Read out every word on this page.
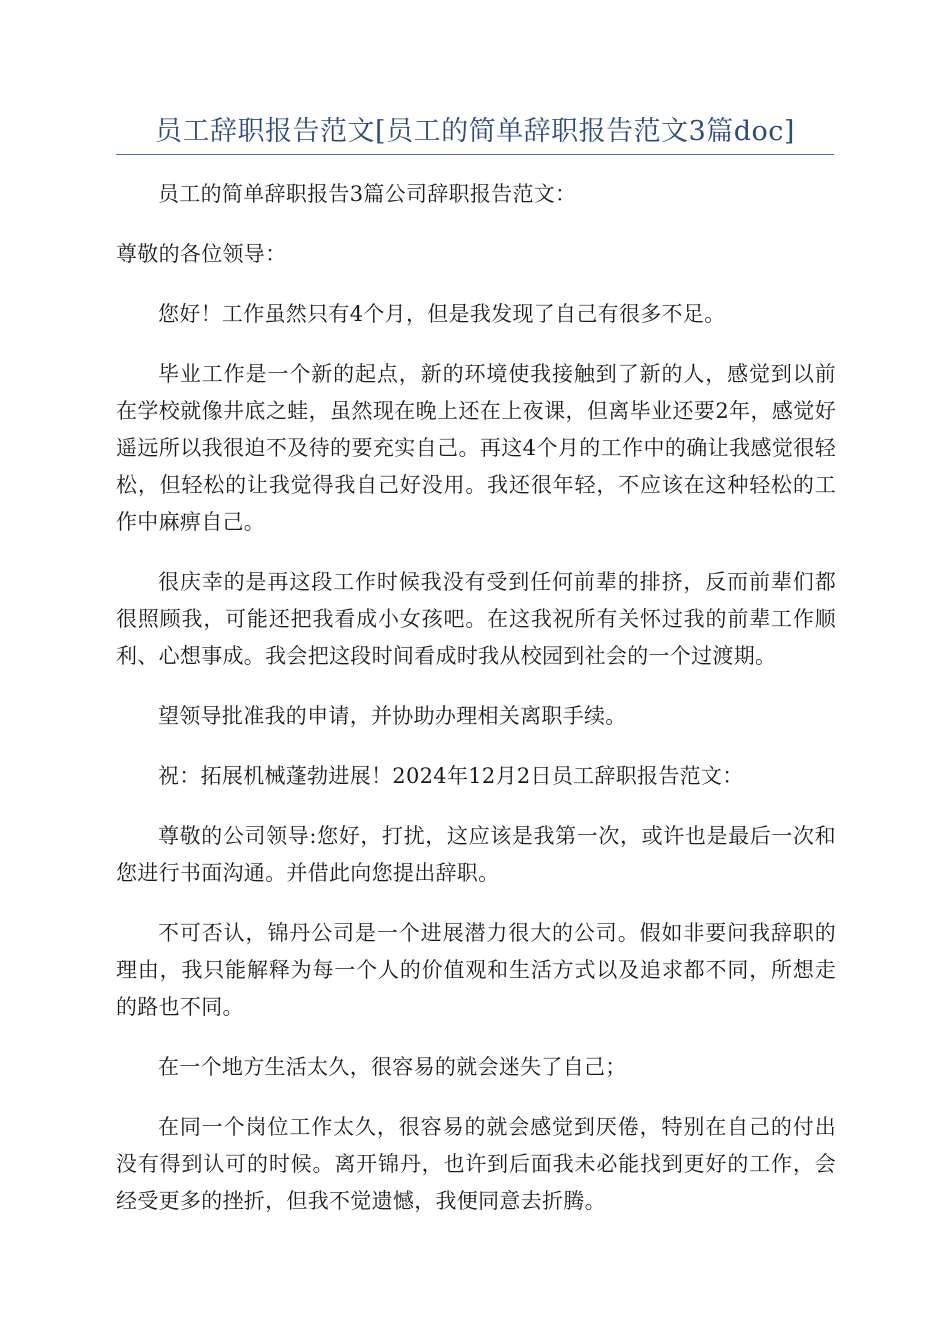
员工辞职报告范文[员工的简单辞职报告范文3篇doc]

员工的简单辞职报告3篇公司辞职报告范文：

尊敬的各位领导：

您好！工作虽然只有4个月，但是我发现了自己有很多不足。

毕业工作是一个新的起点，新的环境使我接触到了新的人，感觉到以前在学校就像井底之蛙，虽然现在晚上还在上夜课，但离毕业还要2年，感觉好遥远所以我很迫不及待的要充实自己。再这4个月的工作中的确让我感觉很轻松，但轻松的让我觉得我自己好没用。我还很年轻，不应该在这种轻松的工作中麻痹自己。

很庆幸的是再这段工作时候我没有受到任何前辈的排挤，反而前辈们都很照顾我，可能还把我看成小女孩吧。在这我祝所有关怀过我的前辈工作顺利、心想事成。我会把这段时间看成时我从校园到社会的一个过渡期。

望领导批准我的申请，并协助办理相关离职手续。

祝：拓展机械蓬勃进展！2024年12月2日员工辞职报告范文：

尊敬的公司领导:您好，打扰，这应该是我第一次，或许也是最后一次和您进行书面沟通。并借此向您提出辞职。

不可否认，锦丹公司是一个进展潜力很大的公司。假如非要问我辞职的理由，我只能解释为每一个人的价值观和生活方式以及追求都不同，所想走的路也不同。

在一个地方生活太久，很容易的就会迷失了自己；

在同一个岗位工作太久，很容易的就会感觉到厌倦，特别在自己的付出没有得到认可的时候。离开锦丹，也许到后面我未必能找到更好的工作，会经受更多的挫折，但我不觉遗憾，我便同意去折腾。
